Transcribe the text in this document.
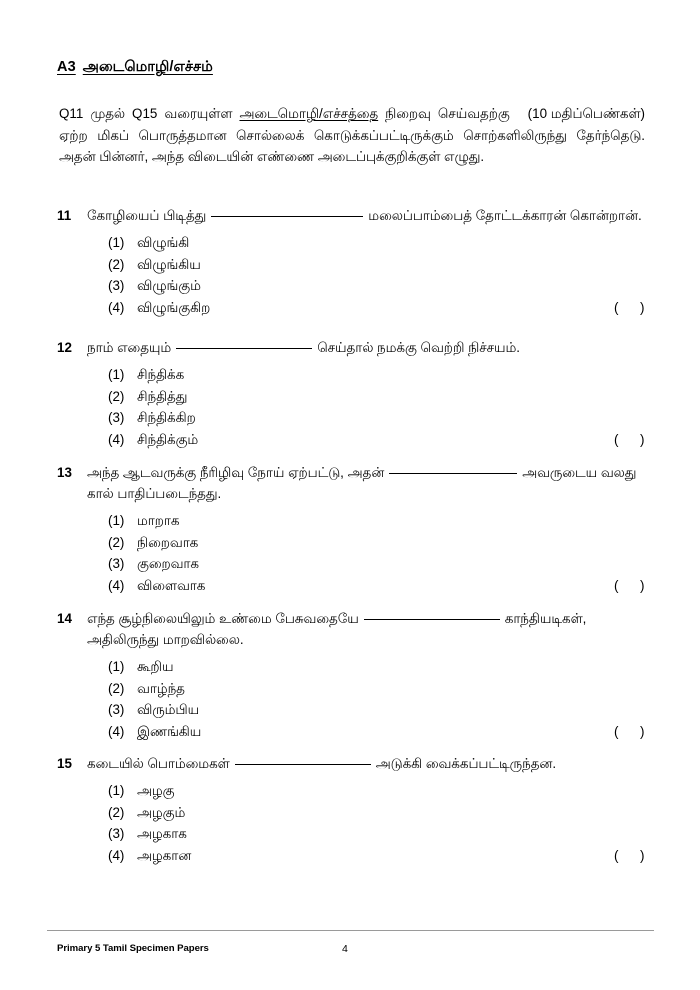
A3 அடைமொழி/எச்சம்
(10 மதிப்பெண்கள்)
Q11 முதல் Q15 வரையுள்ள அடைமொழி/எச்சத்தை நிறைவு செய்வதற்கு ஏற்ற மிகப் பொருத்தமான சொல்லைக் கொடுக்கப்பட்டிருக்கும் சொற்களிலிருந்து தேர்ந்தெடு. அதன் பின்னர், அந்த விடையின் எண்ணை அடைப்புக்குறிக்குள் எழுது.
11	கோழியைப் பிடித்து	மலைப்பாம்பைத் தோட்டக்காரன் கொன்றான்.
(1) விழுங்கி
(2) விழுங்கிய
(3) விழுங்கும்
(4) விழுங்குகிற	(     )
12	நாம் எதையும்	செய்தால் நமக்கு வெற்றி நிச்சயம்.
(1) சிந்திக்க
(2) சிந்தித்து
(3) சிந்திக்கிற
(4) சிந்திக்கும்	(     )
13	அந்த ஆடவருக்கு நீரிழிவு நோய் ஏற்பட்டு, அதன்	அவருடைய வலது
கால் பாதிப்படைந்தது.
(1) மாறாக
(2) நிறைவாக
(3) குறைவாக
(4) விளைவாக	(     )
14	எந்த சூழ்நிலையிலும் உண்மை பேசுவதையே	காந்தியடிகள்,
அதிலிருந்து மாறவில்லை.
(1) கூறிய
(2) வாழ்ந்த
(3) விரும்பிய
(4) இணங்கிய	(     )
15	கடையில் பொம்மைகள்	அடுக்கி வைக்கப்பட்டிருந்தன.
(1) அழகு
(2) அழகும்
(3) அழகாக
(4) அழகான	(     )
Primary 5 Tamil Specimen Papers	4
